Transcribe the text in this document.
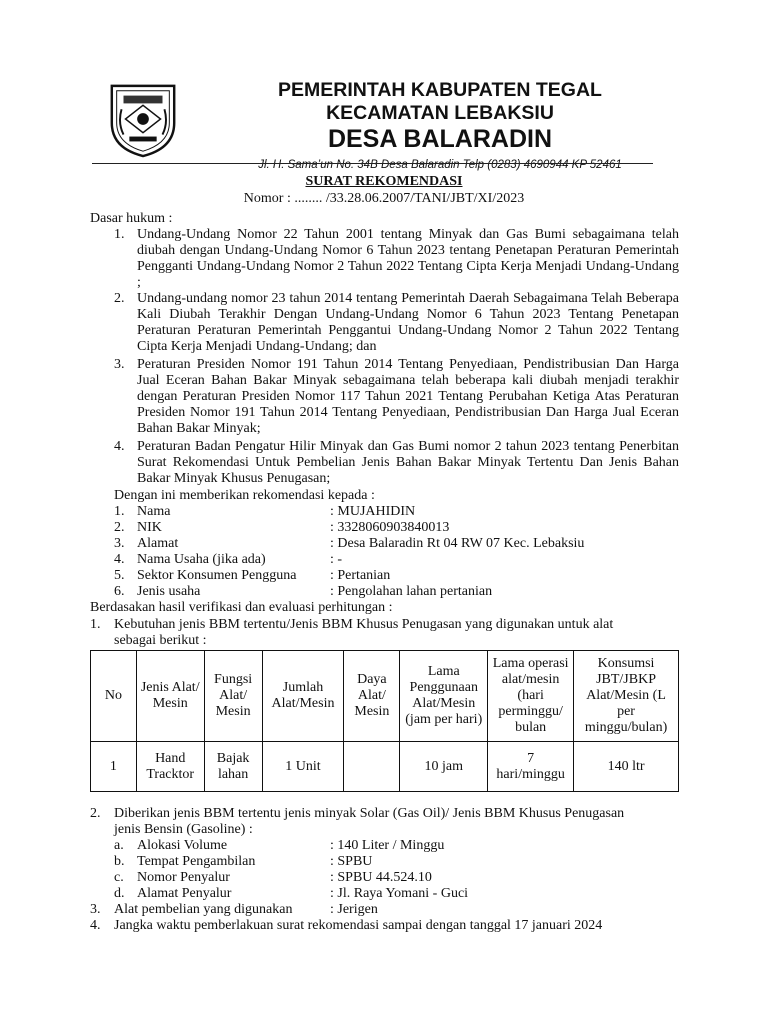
PEMERINTAH KABUPATEN TEGAL
KECAMATAN LEBAKSIU
DESA BALARADIN
Jl. H. Sama’un No. 34B Desa Balaradin Telp (0283) 4690944 KP 52461
SURAT REKOMENDASI
Nomor : ........ /33.28.06.2007/TANI/JBT/XI/2023
Dasar hukum :
1. Undang-Undang Nomor 22 Tahun 2001 tentang Minyak dan Gas Bumi sebagaimana telah diubah dengan Undang-Undang Nomor 6 Tahun 2023 tentang Penetapan Peraturan Pemerintah Pengganti Undang-Undang Nomor 2 Tahun 2022 Tentang Cipta Kerja Menjadi Undang-Undang ;
2. Undang-undang nomor 23 tahun 2014 tentang Pemerintah Daerah Sebagaimana Telah Beberapa Kali Diubah Terakhir Dengan Undang-Undang Nomor 6 Tahun 2023 Tentang Penetapan Peraturan Peraturan Pemerintah Penggantui Undang-Undang Nomor 2 Tahun 2022 Tentang Cipta Kerja Menjadi Undang-Undang; dan
3. Peraturan Presiden Nomor 191 Tahun 2014 Tentang Penyediaan, Pendistribusian Dan Harga Jual Eceran Bahan Bakar Minyak sebagaimana telah beberapa kali diubah menjadi terakhir dengan Peraturan Presiden Nomor 117 Tahun 2021 Tentang Perubahan Ketiga Atas Peraturan Presiden Nomor 191 Tahun 2014 Tentang Penyediaan, Pendistribusian Dan Harga Jual Eceran Bahan Bakar Minyak;
4. Peraturan Badan Pengatur Hilir Minyak dan Gas Bumi nomor 2 tahun 2023 tentang Penerbitan Surat Rekomendasi Untuk Pembelian Jenis Bahan Bakar Minyak Tertentu Dan Jenis Bahan Bakar Minyak Khusus Penugasan;
Dengan ini memberikan rekomendasi kepada :
1. Nama	: MUJAHIDIN
2. NIK	: 3328060903840013
3. Alamat	: Desa Balaradin Rt 04 RW 07 Kec. Lebaksiu
4. Nama Usaha (jika ada)	: -
5. Sektor Konsumen Pengguna : Pertanian
6. Jenis usaha	: Pengolahan lahan pertanian
Berdasakan hasil verifikasi dan evaluasi perhitungan :
1. Kebutuhan jenis BBM tertentu/Jenis BBM Khusus Penugasan yang digunakan untuk alat
sebagai berikut :
No	Jenis Alat/ Mesin	Fungsi Alat/ Mesin	Jumlah Alat/Mesin	Daya Alat/ Mesin	Lama Penggunaan Alat/Mesin (jam per hari)	Lama operasi alat/mesin (hari perminggu/ bulan	Konsumsi JBT/JBKP Alat/Mesin (L per minggu/bulan)
1	Hand Tracktor	Bajak lahan	1 Unit		10 jam	7 hari/minggu	140 ltr
2. Diberikan jenis BBM tertentu jenis minyak Solar (Gas Oil)/ Jenis BBM Khusus Penugasan
jenis Bensin (Gasoline) :
a. Alokasi Volume	: 140 Liter / Minggu
b. Tempat Pengambilan	: SPBU
c. Nomor Penyalur	: SPBU 44.524.10
d. Alamat Penyalur	: Jl. Raya Yomani - Guci
3. Alat pembelian yang digunakan	: Jerigen
4. Jangka waktu pemberlakuan surat rekomendasi sampai dengan tanggal 17 januari 2024
